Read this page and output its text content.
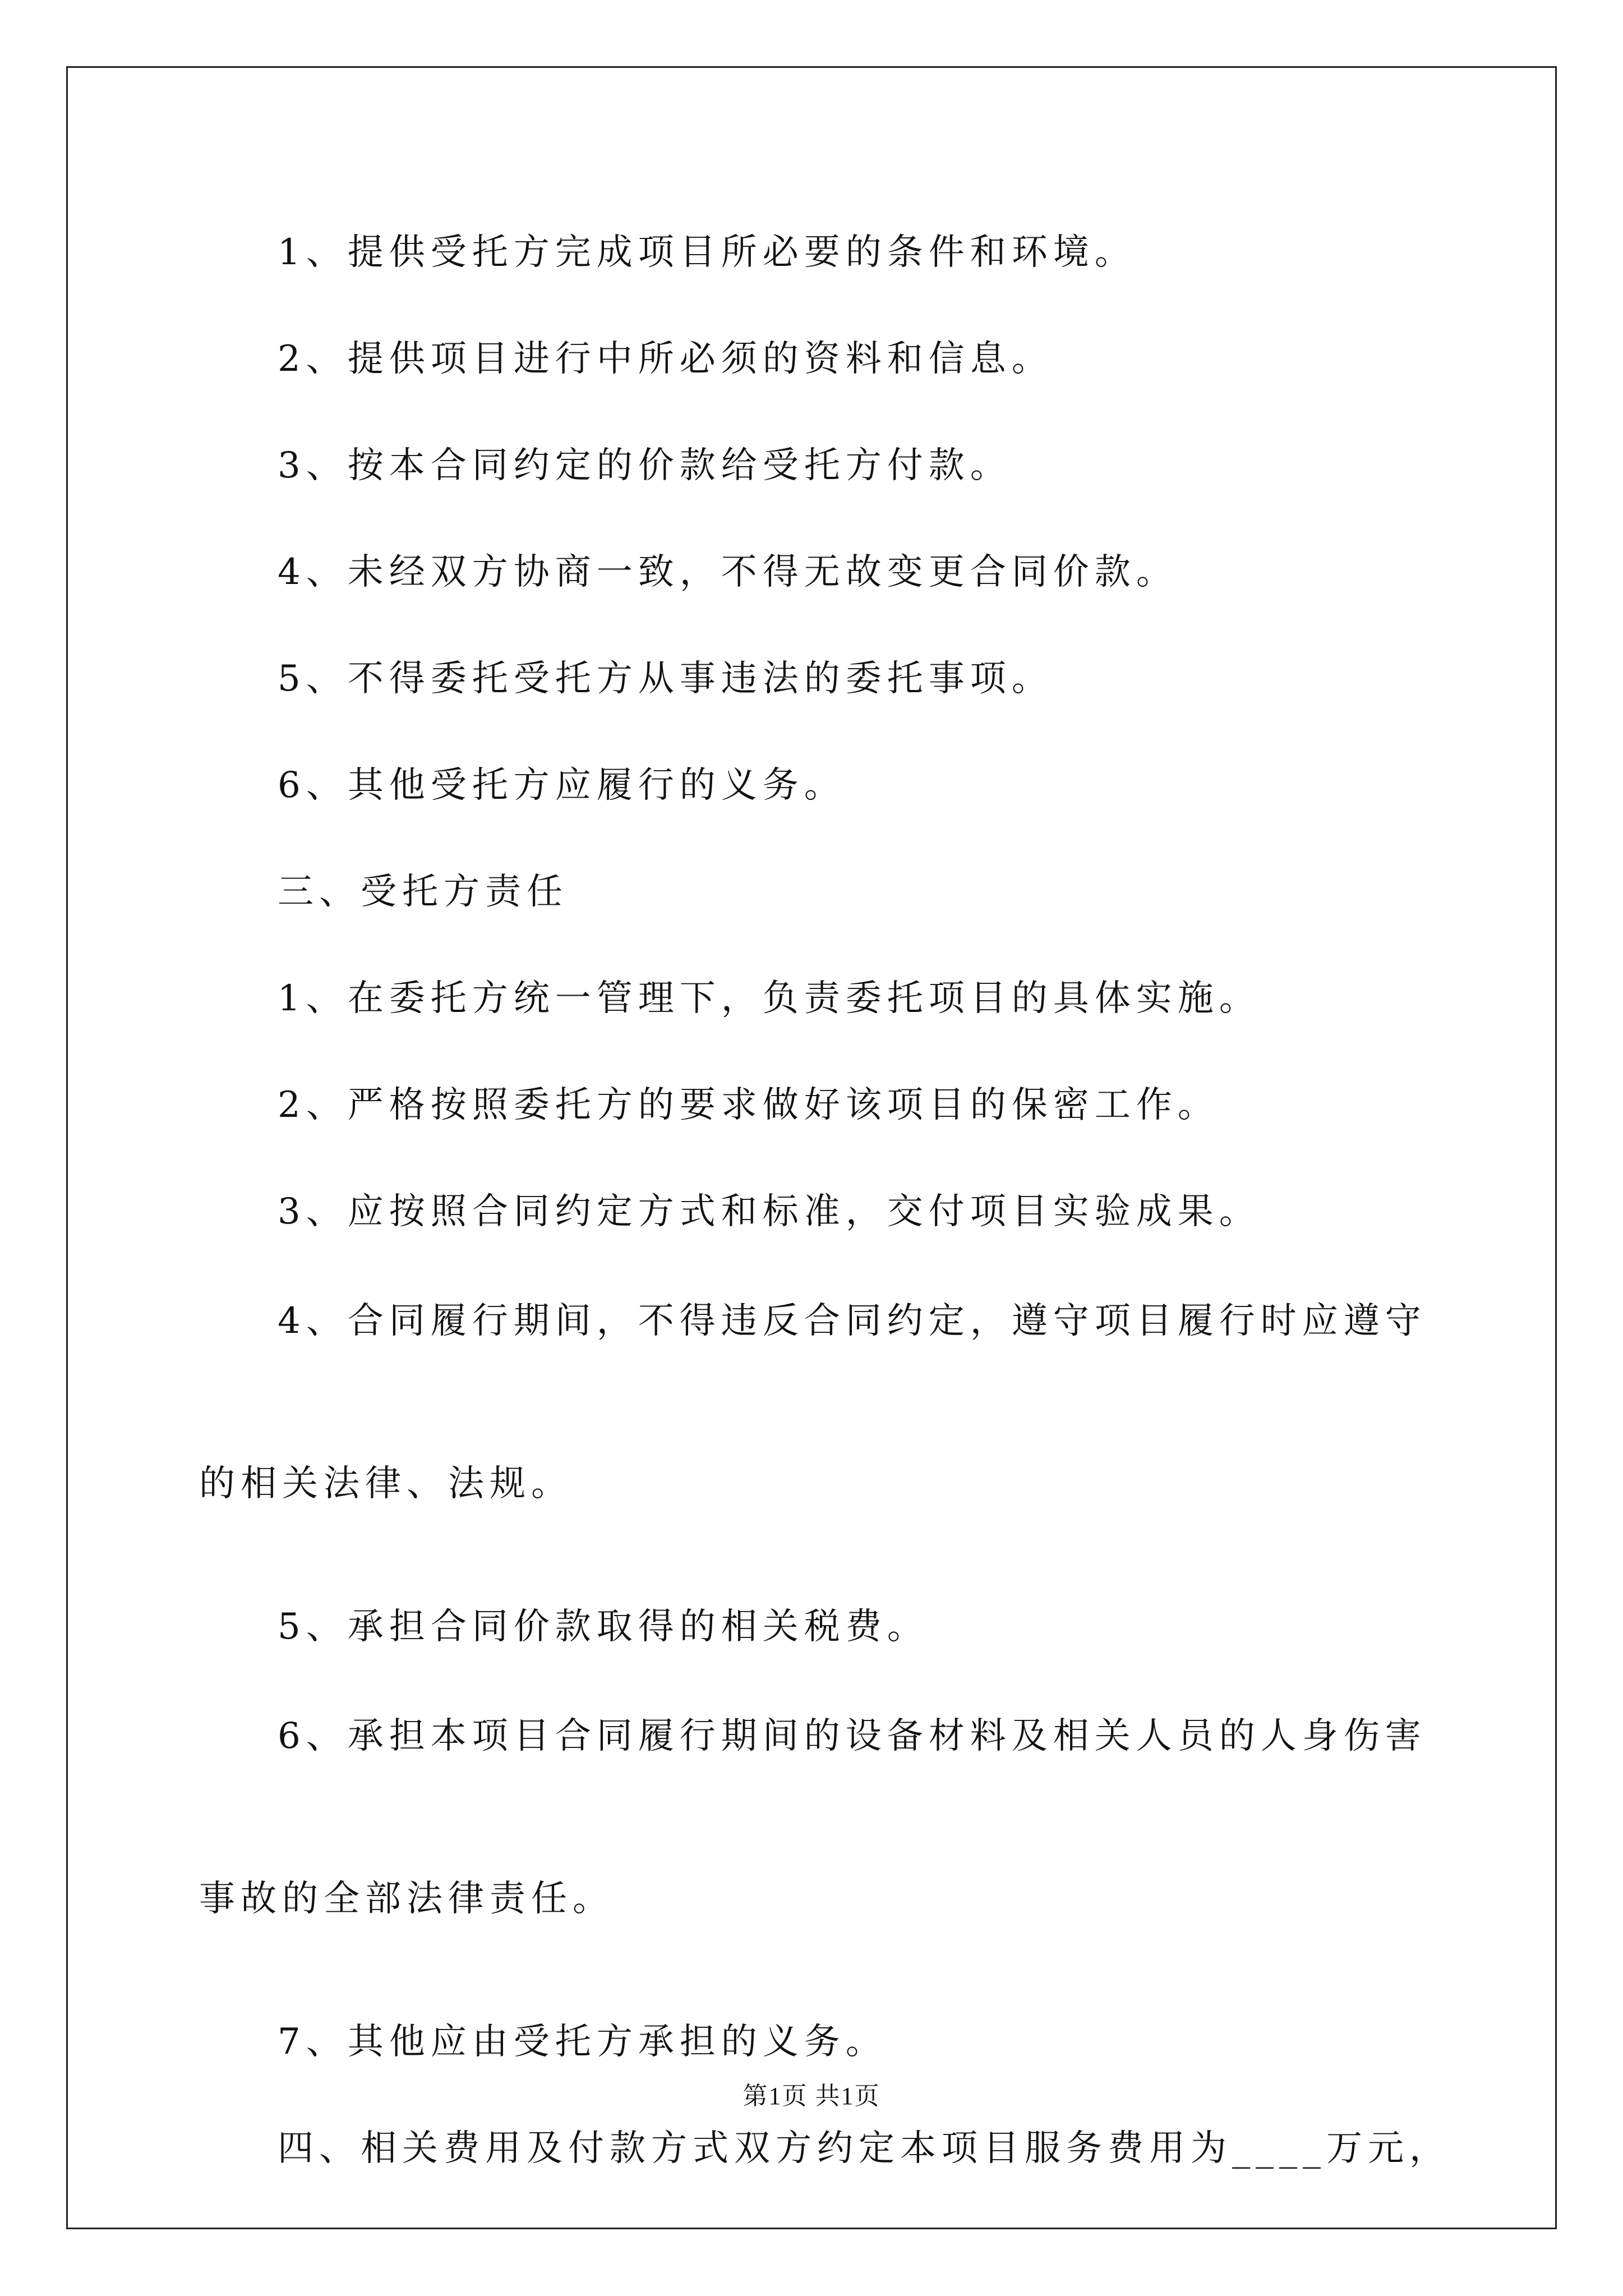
1、提供受托方完成项目所必要的条件和环境。

2、提供项目进行中所必须的资料和信息。

3、按本合同约定的价款给受托方付款。

4、未经双方协商一致，不得无故变更合同价款。

5、不得委托受托方从事违法的委托事项。

6、其他受托方应履行的义务。

三、受托方责任

1、在委托方统一管理下，负责委托项目的具体实施。

2、严格按照委托方的要求做好该项目的保密工作。

3、应按照合同约定方式和标准，交付项目实验成果。

4、合同履行期间，不得违反合同约定，遵守项目履行时应遵守的相关法律、法规。

5、承担合同价款取得的相关税费。

6、承担本项目合同履行期间的设备材料及相关人员的人身伤害事故的全部法律责任。

7、其他应由受托方承担的义务。

四、相关费用及付款方式双方约定本项目服务费用为____万元，

第1页 共1页
